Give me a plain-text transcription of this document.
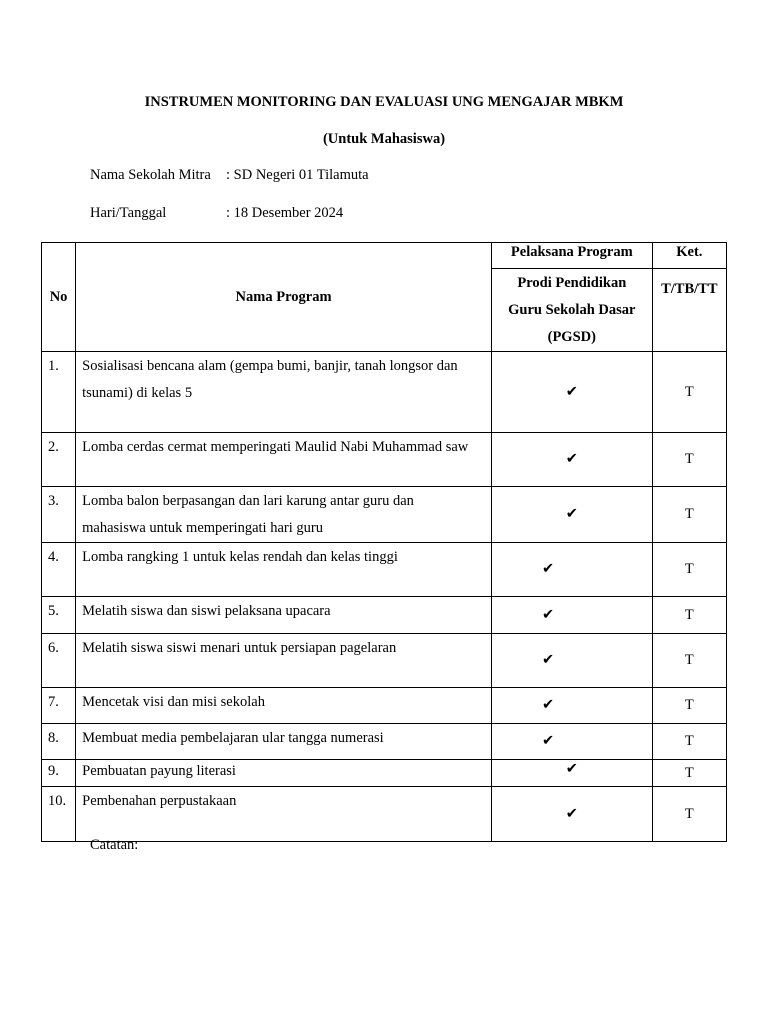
INSTRUMEN MONITORING DAN EVALUASI UNG MENGAJAR MBKM
(Untuk Mahasiswa)
Nama Sekolah Mitra : SD Negeri 01 Tilamuta
Hari/Tanggal	: 18 Desember 2024
No	Nama Program	Pelaksana Program	Ket.

		Prodi Pendidikan
Guru Sekolah Dasar
(PGSD)	T/TB/TT
1.	Sosialisasi bencana alam (gempa bumi, banjir, tanah longsor dan
tsunami) di kelas 5	✔	T
2.	Lomba cerdas cermat memperingati Maulid Nabi Muhammad saw	✔	T
3.	Lomba balon berpasangan dan lari karung antar guru dan
mahasiswa untuk memperingati hari guru	✔	T
4.	Lomba rangking 1 untuk kelas rendah dan kelas tinggi	✔	T
5.	Melatih siswa dan siswi pelaksana upacara	✔	T
6.	Melatih siswa siswi menari untuk persiapan pagelaran	✔	T
7.	Mencetak visi dan misi sekolah	✔	T
8.	Membuat media pembelajaran ular tangga numerasi	✔	T
9.	Pembuatan payung literasi	✔	T
10.	Pembenahan perpustakaan	✔	T
Catatan:
